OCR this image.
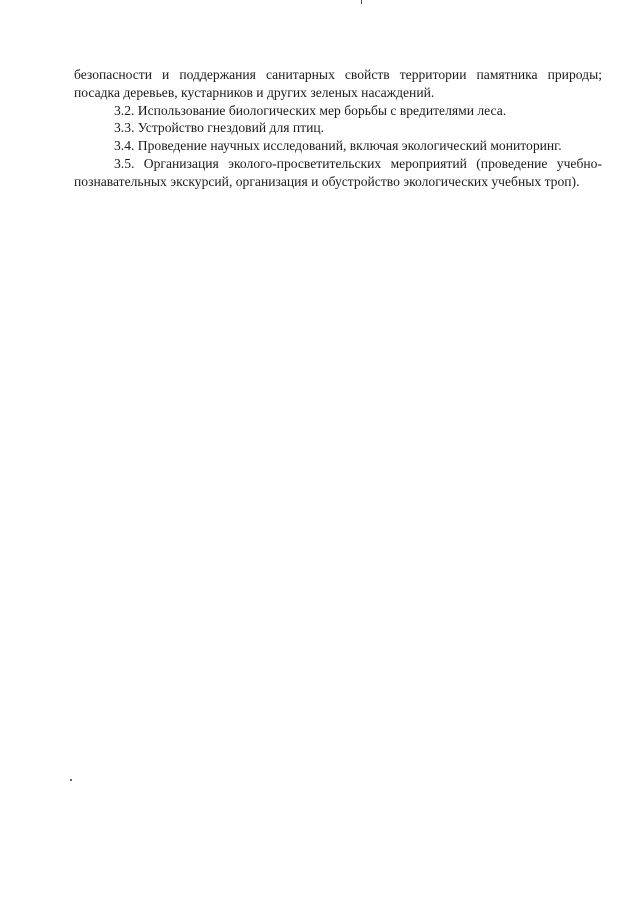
безопасности и поддержания санитарных свойств территории памятника природы;
посадка деревьев, кустарников и других зеленых насаждений.

3.2. Использование биологических мер борьбы с вредителями леса.

3.3. Устройство гнездовий для птиц.

3.4. Проведение научных исследований, включая экологический мониторинг.

3.5. Организация эколого-просветительских мероприятий (проведение учебно-
познавательных экскурсий, организация и обустройство экологических учебных троп).
